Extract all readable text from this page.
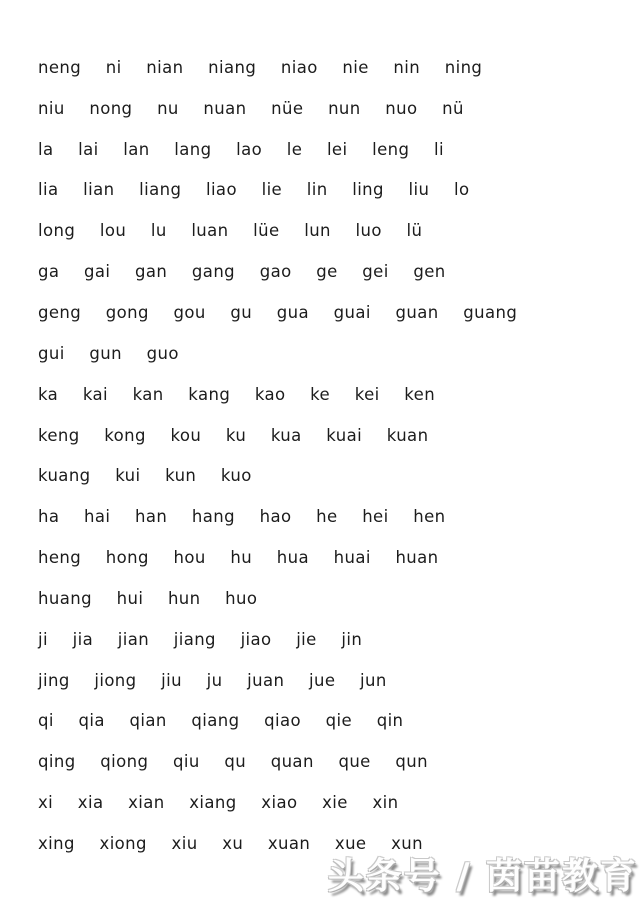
neng ni nian niang niao nie nin ning
niu nong nu nuan nüe nun nuo nü
la lai lan lang lao le lei leng li
lia lian liang liao lie lin ling liu lo
long lou lu luan lüe lun luo lü
ga gai gan gang gao ge gei gen
geng gong gou gu gua guai guan guang
gui gun guo
ka kai kan kang kao ke kei ken
keng kong kou ku kua kuai kuan
kuang kui kun kuo
ha hai han hang hao he hei hen
heng hong hou hu hua huai huan
huang hui hun huo
ji jia jian jiang jiao jie jin
jing jiong jiu ju juan jue jun
qi qia qian qiang qiao qie qin
qing qiong qiu qu quan que qun
xi xia xian xiang xiao xie xin
xing xiong xiu xu xuan xue xun
头条号 / 茵苗教育
